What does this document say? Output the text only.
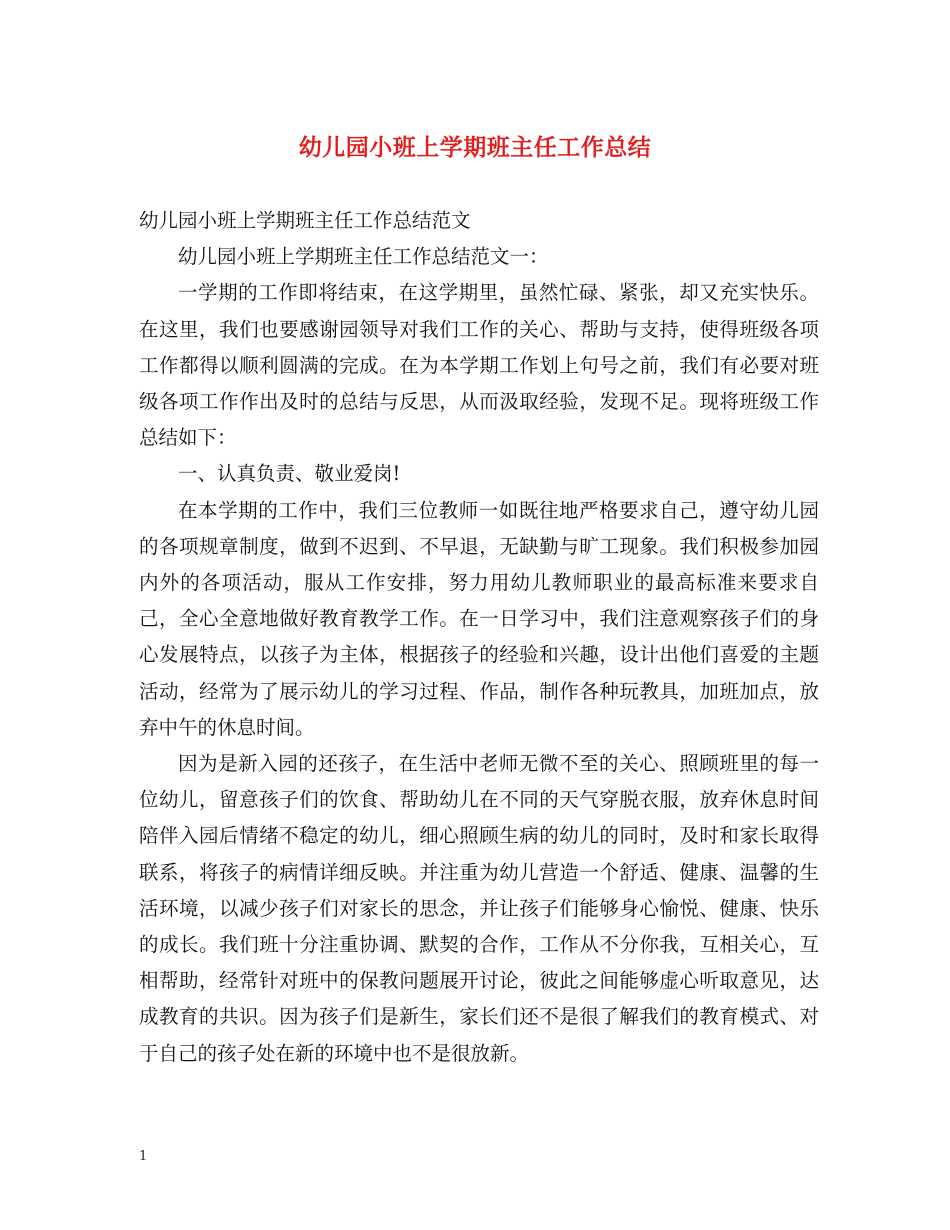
幼儿园小班上学期班主任工作总结

幼儿园小班上学期班主任工作总结范文

幼儿园小班上学期班主任工作总结范文一：

一学期的工作即将结束，在这学期里，虽然忙碌、紧张，却又充实快乐。在这里，我们也要感谢园领导对我们工作的关心、帮助与支持，使得班级各项工作都得以顺利圆满的完成。在为本学期工作划上句号之前，我们有必要对班级各项工作作出及时的总结与反思，从而汲取经验，发现不足。现将班级工作总结如下：

一、认真负责、敬业爱岗!

在本学期的工作中，我们三位教师一如既往地严格要求自己，遵守幼儿园的各项规章制度，做到不迟到、不早退，无缺勤与旷工现象。我们积极参加园内外的各项活动，服从工作安排，努力用幼儿教师职业的最高标准来要求自己，全心全意地做好教育教学工作。在一日学习中，我们注意观察孩子们的身心发展特点，以孩子为主体，根据孩子的经验和兴趣，设计出他们喜爱的主题活动，经常为了展示幼儿的学习过程、作品，制作各种玩教具，加班加点，放弃中午的休息时间。

因为是新入园的还孩子，在生活中老师无微不至的关心、照顾班里的每一位幼儿，留意孩子们的饮食、帮助幼儿在不同的天气穿脱衣服，放弃休息时间陪伴入园后情绪不稳定的幼儿，细心照顾生病的幼儿的同时，及时和家长取得联系，将孩子的病情详细反映。并注重为幼儿营造一个舒适、健康、温馨的生活环境，以减少孩子们对家长的思念，并让孩子们能够身心愉悦、健康、快乐的成长。我们班十分注重协调、默契的合作，工作从不分你我，互相关心，互相帮助，经常针对班中的保教问题展开讨论，彼此之间能够虚心听取意见，达成教育的共识。因为孩子们是新生，家长们还不是很了解我们的教育模式、对于自己的孩子处在新的环境中也不是很放新。

1
